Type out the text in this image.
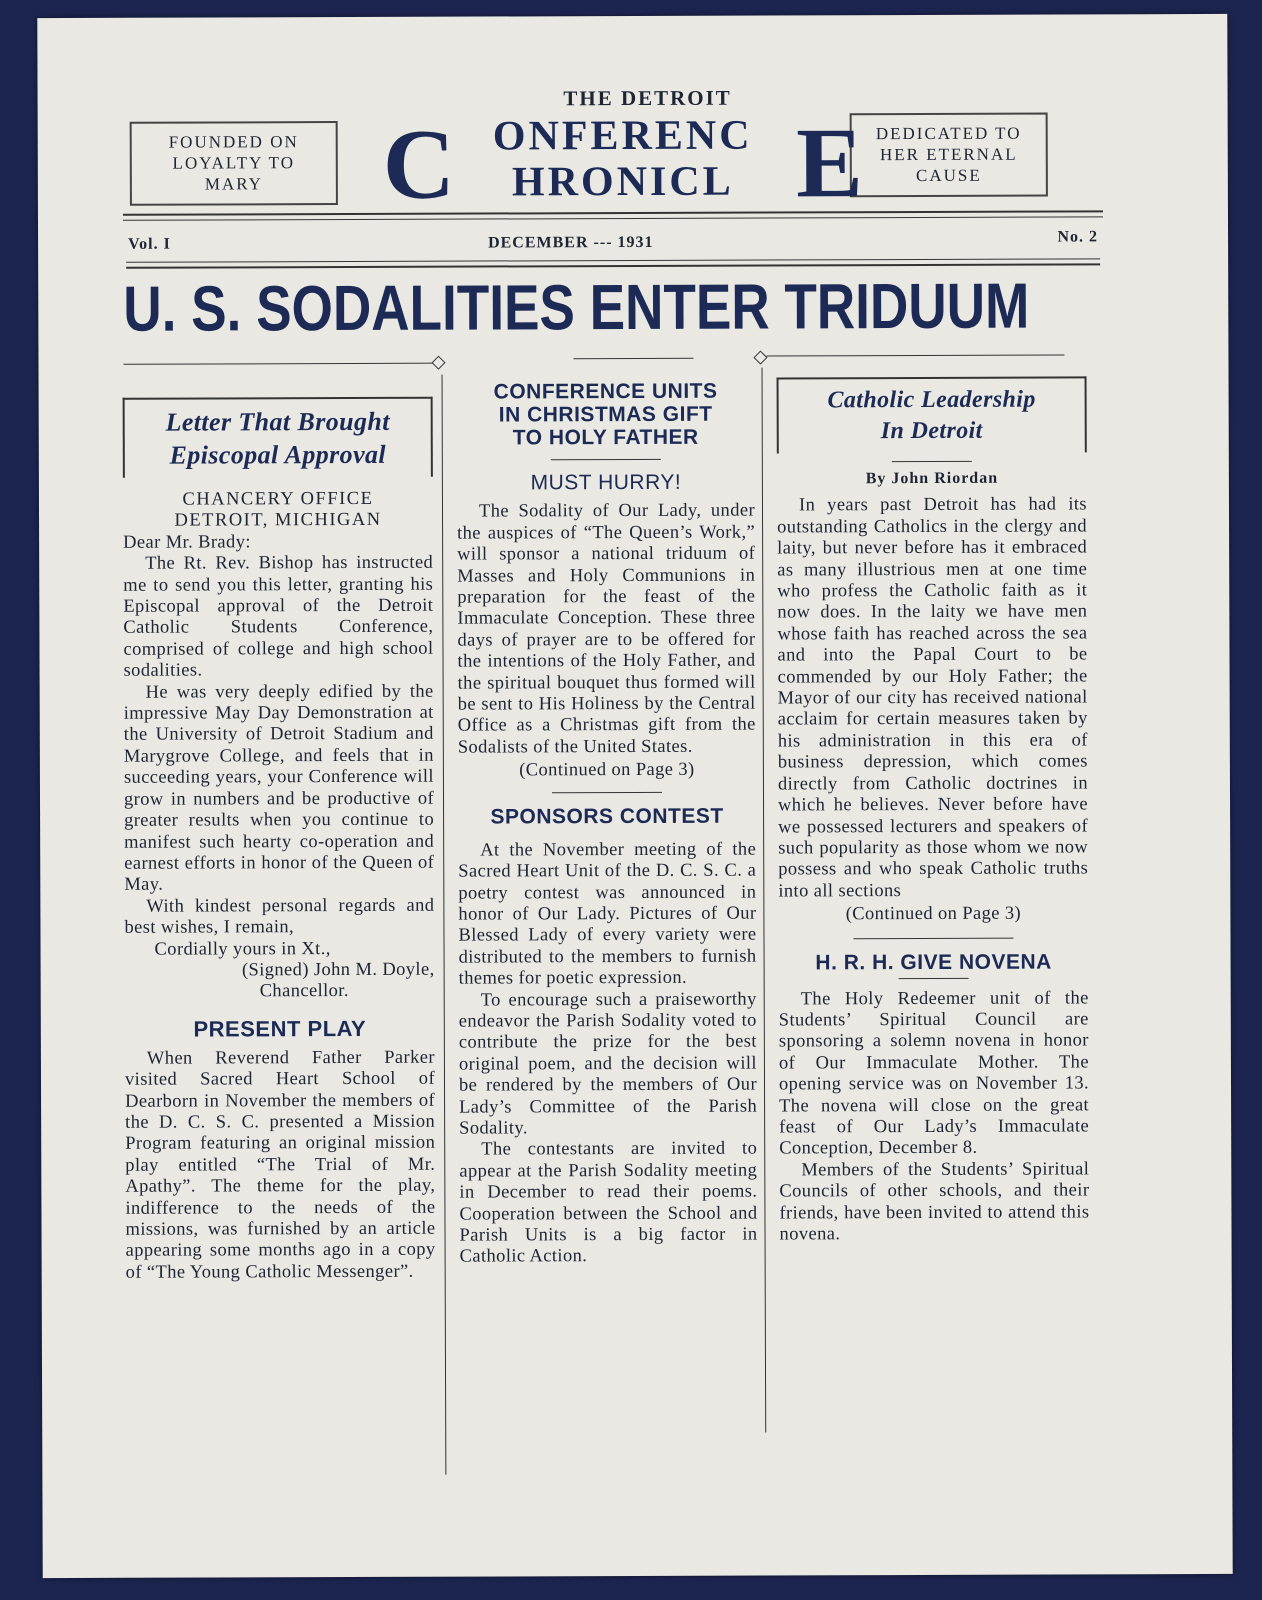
FOUNDED ON LOYALTY TO MARY
DEDICATED TO HER ETERNAL CAUSE
THE DETROIT
C ONFERENC
HRONICL E
Vol. I	DECEMBER --- 1931	No. 2
U. S. SODALITIES ENTER TRIDUUM
Letter That Brought
Episcopal Approval
CHANCERY OFFICE
DETROIT, MICHIGAN
Dear Mr. Brady:

The Rt. Rev. Bishop has instructed me to send you this letter, granting his Episcopal approval of the Detroit Catholic Students Conference, comprised of college and high school sodalities.

He was very deeply edified by the impressive May Day Demonstration at the University of Detroit Stadium and Marygrove College, and feels that in succeeding years, your Conference will grow in numbers and be productive of greater results when you continue to manifest such hearty co-operation and earnest efforts in honor of the Queen of May.

With kindest personal regards and best wishes, I remain,

Cordially yours in Xt.,
(Signed) John M. Doyle,
Chancellor.
PRESENT PLAY

When Reverend Father Parker visited Sacred Heart School of Dearborn in November the members of the D. C. S. C. presented a Mission Program featuring an original mission play entitled “The Trial of Mr. Apathy”. The theme for the play, indifference to the needs of the missions, was furnished by an article appearing some months ago in a copy of “The Young Catholic Messenger”.

CONFERENCE UNITS
IN CHRISTMAS GIFT
TO HOLY FATHER
MUST HURRY!

The Sodality of Our Lady, under the auspices of “The Queen’s Work,” will sponsor a national triduum of Masses and Holy Communions in preparation for the feast of the Immaculate Conception. These three days of prayer are to be offered for the intentions of the Holy Father, and the spiritual bouquet thus formed will be sent to His Holiness by the Central Office as a Christmas gift from the Sodalists of the United States.

(Continued on Page 3)
SPONSORS CONTEST

At the November meeting of the Sacred Heart Unit of the D. C. S. C. a poetry contest was announced in honor of Our Lady. Pictures of Our Blessed Lady of every variety were distributed to the members to furnish themes for poetic expression.

To encourage such a praiseworthy endeavor the Parish Sodality voted to contribute the prize for the best original poem, and the decision will be rendered by the members of Our Lady’s Committee of the Parish Sodality.

The contestants are invited to appear at the Parish Sodality meeting in December to read their poems. Cooperation between the School and Parish Units is a big factor in Catholic Action.

Catholic Leadership
In Detroit
By John Riordan

In years past Detroit has had its outstanding Catholics in the clergy and laity, but never before has it embraced as many illustrious men at one time who profess the Catholic faith as it now does. In the laity we have men whose faith has reached across the sea and into the Papal Court to be commended by our Holy Father; the Mayor of our city has received national acclaim for certain measures taken by his administration in this era of business depression, which comes directly from Catholic doctrines in which he believes. Never before have we possessed lecturers and speakers of such popularity as those whom we now possess and who speak Catholic truths into all sections

(Continued on Page 3)
H. R. H. GIVE NOVENA

The Holy Redeemer unit of the Students’ Spiritual Council are sponsoring a solemn novena in honor of Our Immaculate Mother. The opening service was on November 13. The novena will close on the great feast of Our Lady’s Immaculate Conception, December 8.

Members of the Students’ Spiritual Councils of other schools, and their friends, have been invited to attend this novena.
